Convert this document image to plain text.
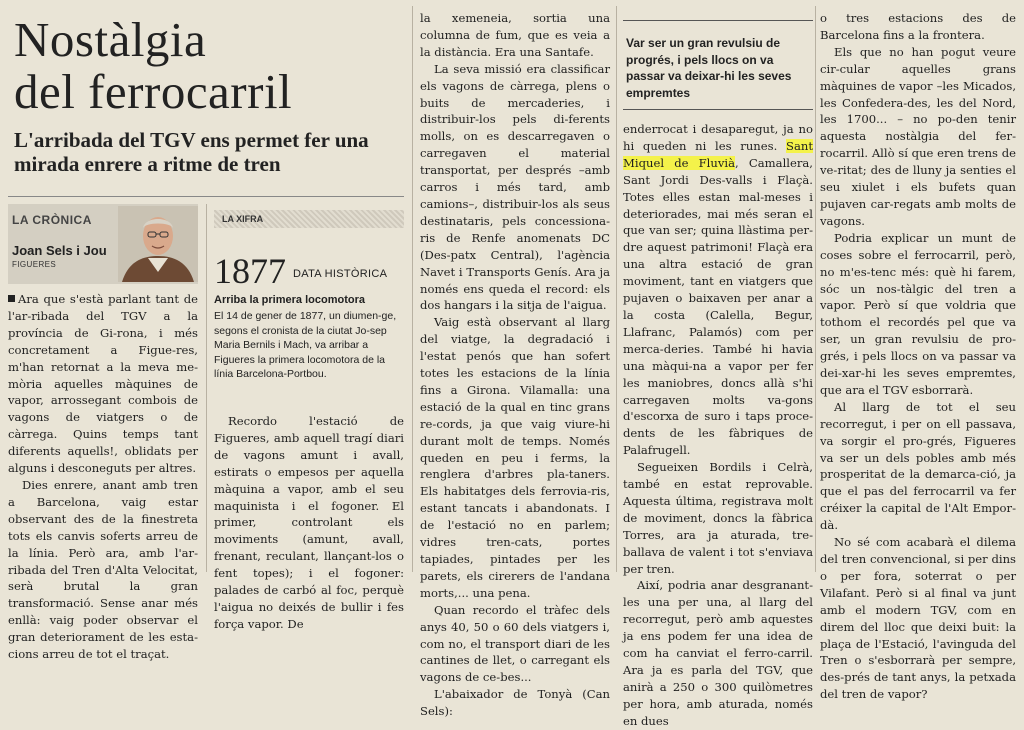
Nostàlgia
del ferrocarril
L'arribada del TGV ens permet fer una mirada enrere a ritme de tren
LA CRÒNICA
Joan Sels i Jou
FIGUERES
LA XIFRA
1877 DATA HISTÒRICA
Arriba la primera locomotora
El 14 de gener de 1877, un diumen-ge, segons el cronista de la ciutat Jo-sep Maria Bernils i Mach, va arribar a Figueres la primera locomotora de la línia Barcelona-Portbou.

Ara que s'està parlant tant de l'ar-ribada del TGV a la província de Gi-rona, i més concretament a Figue-res, m'han retornat a la meva me-mòria aquelles màquines de vapor, arrossegant combois de vagons de viatgers o de càrrega. Quins temps tant diferents aquells!, oblidats per alguns i desconeguts per altres.

Dies enrere, anant amb tren a Barcelona, vaig estar observant des de la finestreta tots els canvis soferts arreu de la línia. Però ara, amb l'ar-ribada del Tren d'Alta Velocitat, serà brutal la gran transformació. Sense anar més enllà: vaig poder observar el gran deteriorament de les esta-cions arreu de tot el traçat.

Recordo l'estació de Figueres, amb aquell tragí diari de vagons amunt i avall, estirats o empesos per aquella màquina a vapor, amb el seu maquinista i el fogoner. El primer, controlant els moviments (amunt, avall, frenant, reculant, llançant-los o fent topes); i el fogoner: palades de carbó al foc, perquè l'aigua no deixés de bullir i fes força vapor. De

la xemeneia, sortia una columna de fum, que es veia a la distància. Era una Santafe.

La seva missió era classificar els vagons de càrrega, plens o buits de mercaderies, i distribuir-los pels di-ferents molls, on es descarregaven o carregaven el material transportat, per després –amb carros i més tard, amb camions–, distribuir-los als seus destinataris, pels concessiona-ris de Renfe anomenats DC (Des-patx Central), l'agència Navet i Transports Genís. Ara ja només ens queda el record: els dos hangars i la sitja de l'aigua.

Vaig està observant al llarg del viatge, la degradació i l'estat penós que han sofert totes les estacions de la línia fins a Girona. Vilamalla: una estació de la qual en tinc grans re-cords, ja que vaig viure-hi durant molt de temps. Només queden en peu i ferms, la renglera d'arbres pla-taners. Els habitatges dels ferrovia-ris, estant tancats i abandonats. I de l'estació no en parlem; vidres tren-cats, portes tapiades, pintades per les parets, els cirerers de l'andana morts,... una pena.

Quan recordo el tràfec dels anys 40, 50 o 60 dels viatgers i, com no, el transport diari de les cantines de llet, o carregant els vagons de ce-bes...

L'abaixador de Tonyà (Can Sels):

Var ser un gran revulsiu de progrés, i pels llocs on va passar va deixar-hi les seves empremtes

enderrocat i desaparegut, ja no hi queden ni les runes. Sant Miquel de Fluvià, Camallera, Sant Jordi Des-valls i Flaçà. Totes elles estan mal-meses i deteriorades, mai més seran el que van ser; quina llàstima per-dre aquest patrimoni! Flaçà era una altra estació de gran moviment, tant en viatgers que pujaven o baixaven per anar a la costa (Calella, Begur, Llafranc, Palamós) com per merca-deries. També hi havia una màqui-na a vapor per fer les maniobres, doncs allà s'hi carregaven molts va-gons d'escorxa de suro i taps proce-dents de les fàbriques de Palafrugell.

Segueixen Bordils i Celrà, també en estat reprovable. Aquesta última, registrava molt de moviment, doncs la fàbrica Torres, ara ja aturada, tre-ballava de valent i tot s'enviava per tren.

Així, podria anar desgranant-les una per una, al llarg del recorregut, però amb aquestes ja ens podem fer una idea de com ha canviat el ferro-carril. Ara ja es parla del TGV, que anirà a 250 o 300 quilòmetres per hora, amb aturada, només en dues

o tres estacions des de Barcelona fins a la frontera.

Els que no han pogut veure cir-cular aquelles grans màquines de vapor –les Micados, les Confedera-des, les del Nord, les 1700... – no po-den tenir aquesta nostàlgia del fer-rocarril. Allò sí que eren trens de ve-ritat; des de lluny ja senties el seu xiulet i els bufets quan pujaven car-regats amb molts de vagons.

Podria explicar un munt de coses sobre el ferrocarril, però, no m'es-tenc més: què hi farem, sóc un nos-tàlgic del tren a vapor. Però sí que voldria que tothom el recordés pel que va ser, un gran revulsiu de pro-grés, i pels llocs on va passar va dei-xar-hi les seves empremtes, que ara el TGV esborrarà.

Al llarg de tot el seu recorregut, i per on ell passava, va sorgir el pro-grés, Figueres va ser un dels pobles amb més prosperitat de la demarca-ció, ja que el pas del ferrocarril va fer créixer la capital de l'Alt Empor-dà.

No sé com acabarà el dilema del tren convencional, si per dins o per fora, soterrat o per Vilafant. Però si al final va junt amb el modern TGV, com en direm del lloc que deixi buit: la plaça de l'Estació, l'avinguda del Tren o s'esborrarà per sempre, des-prés de tant anys, la petxada del tren de vapor?
